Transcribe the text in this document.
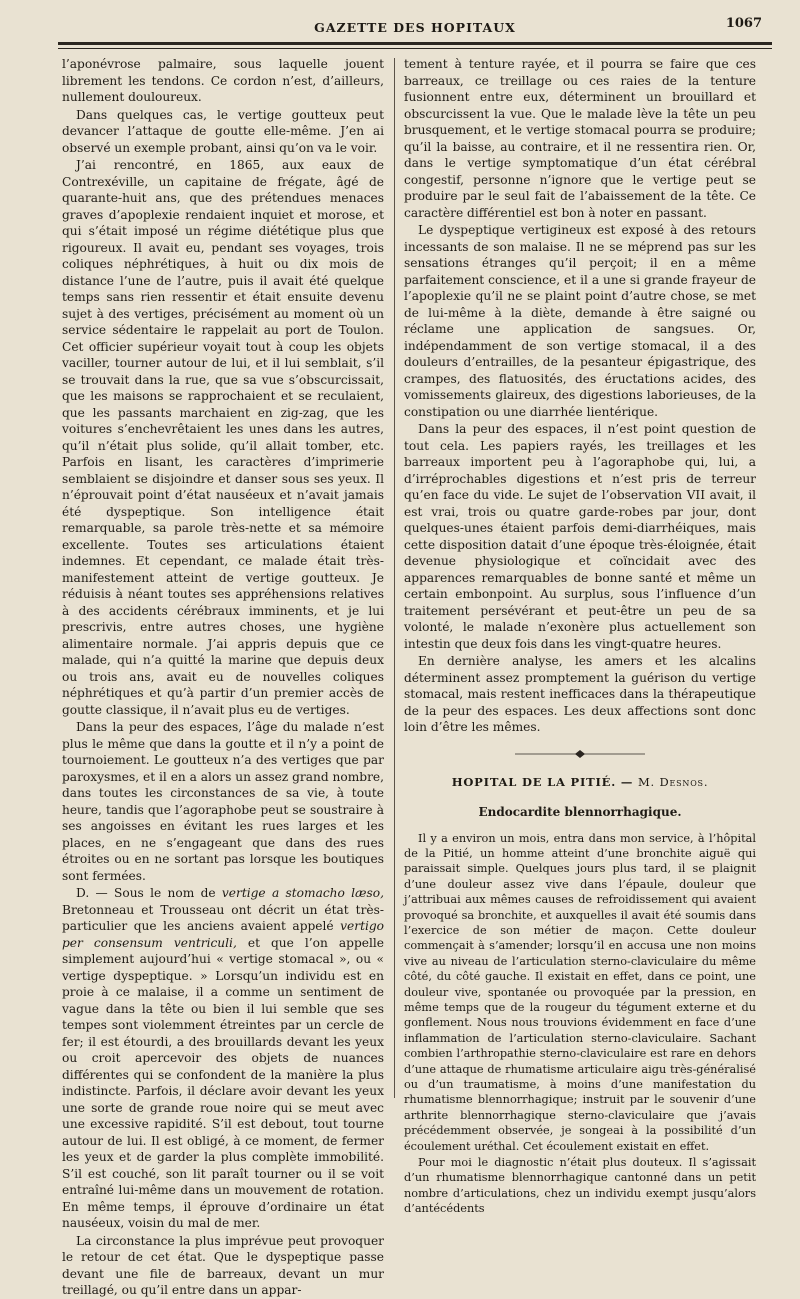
GAZETTE DES HOPITAUX	1067

l’aponévrose palmaire, sous laquelle jouent librement les tendons. Ce cordon n’est, d’ailleurs, nullement douloureux.

Dans quelques cas, le vertige goutteux peut devancer l’attaque de goutte elle-même. J’en ai observé un exemple probant, ainsi qu’on va le voir.

J’ai rencontré, en 1865, aux eaux de Contrexéville, un capitaine de frégate, âgé de quarante-huit ans, que des prétendues menaces graves d’apoplexie rendaient inquiet et morose, et qui s’était imposé un régime diététique plus que rigoureux. Il avait eu, pendant ses voyages, trois coliques néphrétiques, à huit ou dix mois de distance l’une de l’autre, puis il avait été quelque temps sans rien ressentir et était ensuite devenu sujet à des vertiges, précisément au moment où un service sédentaire le rappelait au port de Toulon. Cet officier supérieur voyait tout à coup les objets vaciller, tourner autour de lui, et il lui semblait, s’il se trouvait dans la rue, que sa vue s’obscurcissait, que les maisons se rapprochaient et se reculaient, que les passants marchaient en zig-zag, que les voitures s’enchevrêtaient les unes dans les autres, qu’il n’était plus solide, qu’il allait tomber, etc. Parfois en lisant, les caractères d’imprimerie semblaient se disjoindre et danser sous ses yeux. Il n’éprouvait point d’état nauséeux et n’avait jamais été dyspeptique. Son intelligence était remarquable, sa parole très-nette et sa mémoire excellente. Toutes ses articulations étaient indemnes. Et cependant, ce malade était très-manifestement atteint de vertige goutteux. Je réduisis à néant toutes ses appréhensions relatives à des accidents cérébraux imminents, et je lui prescrivis, entre autres choses, une hygiène alimentaire normale. J’ai appris depuis que ce malade, qui n’a quitté la marine que depuis deux ou trois ans, avait eu de nouvelles coliques néphrétiques et qu’à partir d’un premier accès de goutte classique, il n’avait plus eu de vertiges.

Dans la peur des espaces, l’âge du malade n’est plus le même que dans la goutte et il n’y a point de tournoiement. Le goutteux n’a des vertiges que par paroxysmes, et il en a alors un assez grand nombre, dans toutes les circonstances de sa vie, à toute heure, tandis que l’agoraphobe peut se soustraire à ses angoisses en évitant les rues larges et les places, en ne s’engageant que dans des rues étroites ou en ne sortant pas lorsque les boutiques sont fermées.

D. — Sous le nom de vertige a stomacho læso, Bretonneau et Trousseau ont décrit un état très-particulier que les anciens avaient appelé vertigo per consensum ventriculi, et que l’on appelle simplement aujourd’hui « vertige stomacal », ou « vertige dyspeptique. » Lorsqu’un individu est en proie à ce malaise, il a comme un sentiment de vague dans la tête ou bien il lui semble que ses tempes sont violemment étreintes par un cercle de fer; il est étourdi, a des brouillards devant les yeux ou croit apercevoir des objets de nuances différentes qui se confondent de la manière la plus indistincte. Parfois, il déclare avoir devant les yeux une sorte de grande roue noire qui se meut avec une excessive rapidité. S’il est debout, tout tourne autour de lui. Il est obligé, à ce moment, de fermer les yeux et de garder la plus complète immobilité. S’il est couché, son lit paraît tourner ou il se voit entraîné lui-même dans un mouvement de rotation. En même temps, il éprouve d’ordinaire un état nauséeux, voisin du mal de mer.

La circonstance la plus imprévue peut provoquer le retour de cet état. Que le dyspeptique passe devant une file de barreaux, devant un mur treillagé, ou qu’il entre dans un appar-

tement à tenture rayée, et il pourra se faire que ces barreaux, ce treillage ou ces raies de la tenture fusionnent entre eux, déterminent un brouillard et obscurcissent la vue. Que le malade lève la tête un peu brusquement, et le vertige stomacal pourra se produire; qu’il la baisse, au contraire, et il ne ressentira rien. Or, dans le vertige symptomatique d’un état cérébral congestif, personne n’ignore que le vertige peut se produire par le seul fait de l’abaissement de la tête. Ce caractère différentiel est bon à noter en passant.

Le dyspeptique vertigineux est exposé à des retours incessants de son malaise. Il ne se méprend pas sur les sensations étranges qu’il perçoit; il en a même parfaitement conscience, et il a une si grande frayeur de l’apoplexie qu’il ne se plaint point d’autre chose, se met de lui-même à la diète, demande à être saigné ou réclame une application de sangsues. Or, indépendamment de son vertige stomacal, il a des douleurs d’entrailles, de la pesanteur épigastrique, des crampes, des flatuosités, des éructations acides, des vomissements glaireux, des digestions laborieuses, de la constipation ou une diarrhée lientérique.

Dans la peur des espaces, il n’est point question de tout cela. Les papiers rayés, les treillages et les barreaux importent peu à l’agoraphobe qui, lui, a d’irréprochables digestions et n’est pris de terreur qu’en face du vide. Le sujet de l’observation VII avait, il est vrai, trois ou quatre garde-robes par jour, dont quelques-unes étaient parfois demi-diarrhéiques, mais cette disposition datait d’une époque très-éloignée, était devenue physiologique et coïncidait avec des apparences remarquables de bonne santé et même un certain embonpoint. Au surplus, sous l’influence d’un traitement persévérant et peut-être un peu de sa volonté, le malade n’exonère plus actuellement son intestin que deux fois dans les vingt-quatre heures.

En dernière analyse, les amers et les alcalins déterminent assez promptement la guérison du vertige stomacal, mais restent inefficaces dans la thérapeutique de la peur des espaces. Les deux affections sont donc loin d’être les mêmes.

HOPITAL DE LA PITIÉ. — M. Desnos.
Endocardite blennorrhagique.

Il y a environ un mois, entra dans mon service, à l’hôpital de la Pitié, un homme atteint d’une bronchite aiguë qui paraissait simple. Quelques jours plus tard, il se plaignit d’une douleur assez vive dans l’épaule, douleur que j’attribuai aux mêmes causes de refroidissement qui avaient provoqué sa bronchite, et auxquelles il avait été soumis dans l’exercice de son métier de maçon. Cette douleur commençait à s’amender; lorsqu’il en accusa une non moins vive au niveau de l’articulation sterno-claviculaire du même côté, du côté gauche. Il existait en effet, dans ce point, une douleur vive, spontanée ou provoquée par la pression, en même temps que de la rougeur du tégument externe et du gonflement. Nous nous trouvions évidemment en face d’une inflammation de l’articulation sterno-claviculaire. Sachant combien l’arthropathie sterno-claviculaire est rare en dehors d’une attaque de rhumatisme articulaire aigu très-généralisé ou d’un traumatisme, à moins d’une manifestation du rhumatisme blennorrhagique; instruit par le souvenir d’une arthrite blennorrhagique sterno-claviculaire que j’avais précédemment observée, je songeai à la possibilité d’un écoulement uréthal. Cet écoulement existait en effet.

Pour moi le diagnostic n’était plus douteux. Il s’agissait d’un rhumatisme blennorrhagique cantonné dans un petit nombre d’articulations, chez un individu exempt jusqu’alors d’antécédents
